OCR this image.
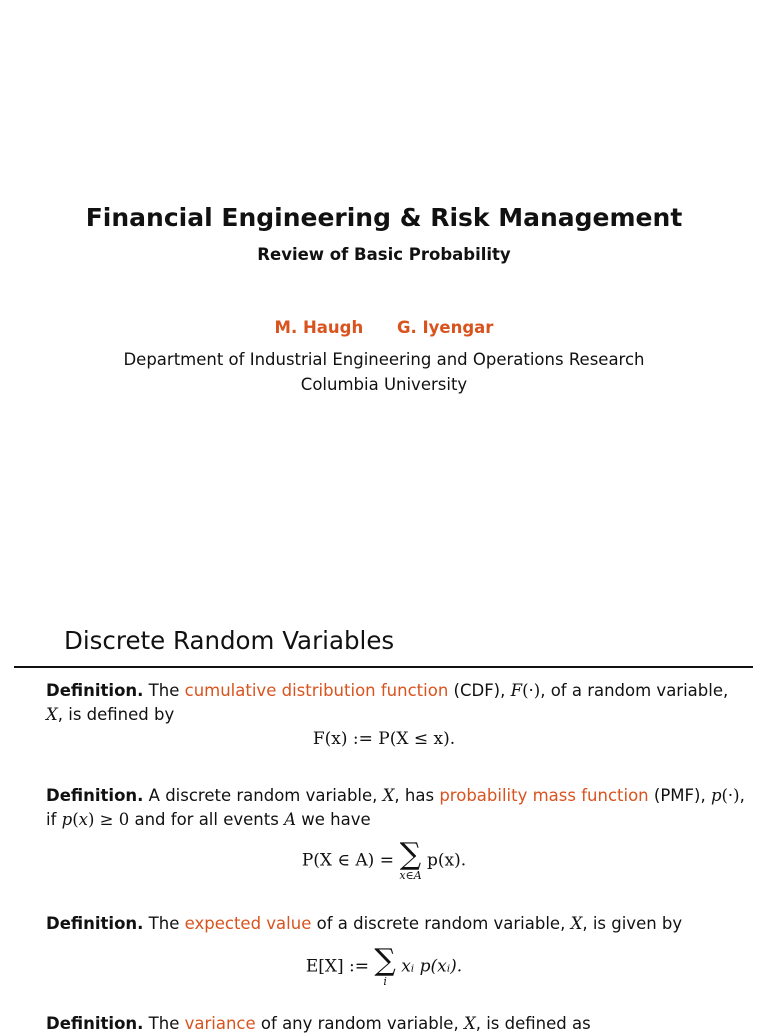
Financial Engineering & Risk Management
Review of Basic Probability
M. Haugh G. Iyengar
Department of Industrial Engineering and Operations Research
Columbia University
Discrete Random Variables

Definition. The cumulative distribution function (CDF), F(·), of a random variable, X, is defined by

F(x) := P(X ≤ x).

Definition. A discrete random variable, X, has probability mass function (PMF), p(·), if p(x) ≥ 0 and for all events A we have

P(X ∈ A) = ∑
x∈A
p(x).

Definition. The expected value of a discrete random variable, X, is given by

E[X] := ∑
i
xᵢ p(xᵢ).

Definition. The variance of any random variable, X, is defined as
